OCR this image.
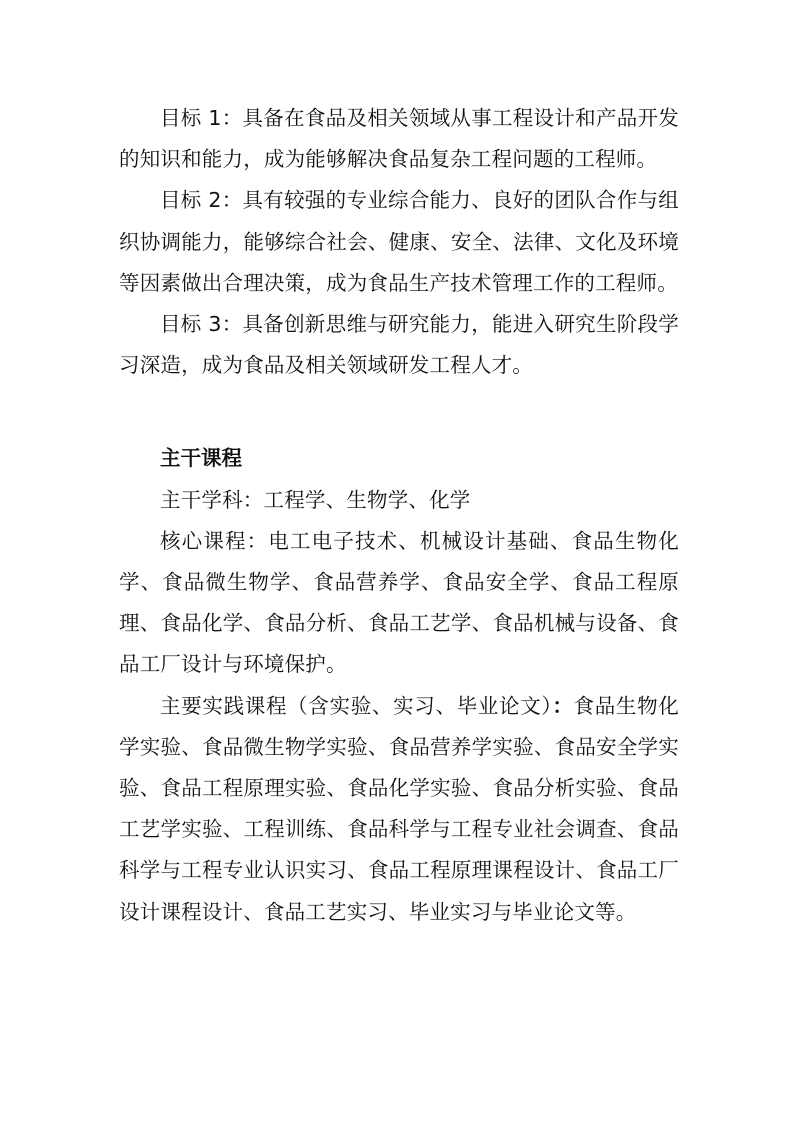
目标 1：具备在食品及相关领域从事工程设计和产品开发的知识和能力，成为能够解决食品复杂工程问题的工程师。

目标 2：具有较强的专业综合能力、良好的团队合作与组织协调能力，能够综合社会、健康、安全、法律、文化及环境等因素做出合理决策，成为食品生产技术管理工作的工程师。

目标 3：具备创新思维与研究能力，能进入研究生阶段学习深造，成为食品及相关领域研发工程人才。

主干课程

主干学科：工程学、生物学、化学

核心课程：电工电子技术、机械设计基础、食品生物化学、食品微生物学、食品营养学、食品安全学、食品工程原理、食品化学、食品分析、食品工艺学、食品机械与设备、食品工厂设计与环境保护。

主要实践课程（含实验、实习、毕业论文）：食品生物化学实验、食品微生物学实验、食品营养学实验、食品安全学实验、食品工程原理实验、食品化学实验、食品分析实验、食品工艺学实验、工程训练、食品科学与工程专业社会调查、食品科学与工程专业认识实习、食品工程原理课程设计、食品工厂设计课程设计、食品工艺实习、毕业实习与毕业论文等。
